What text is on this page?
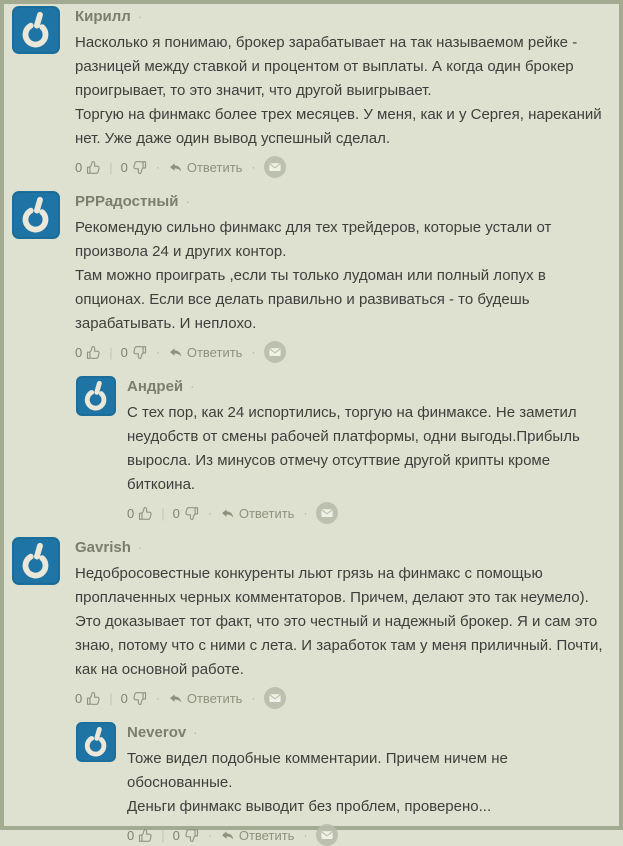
Кирилл ·
Насколько я понимаю, брокер зарабатывает на так называемом рейке - разницей между ставкой и процентом от выплаты. А когда один брокер проигрывает, то это значит, что другой выигрывает.
Торгую на финмакс более трех месяцев. У меня, как и у Сергея, нареканий нет. Уже даже один вывод успешный сделал.
0 | 0 · Ответить ·
PPРадостный ·
Рекомендую сильно финмакс для тех трейдеров, которые устали от произвола 24 и других контор.
Там можно проиграть ,если ты только лудоман или полный лопух в опционах. Если все делать правильно и развиваться - то будешь зарабатывать. И неплохо.
0 | 0 · Ответить ·
Андрей ·
С тех пор, как 24 испортились, торгую на финмаксе. Не заметил неудобств от смены рабочей платформы, одни выгоды.Прибыль выросла. Из минусов отмечу отсуттвие другой крипты кроме биткоина.
0 | 0 · Ответить ·
Gavrish ·
Недобросовестные конкуренты льют грязь на финмакс с помощью проплаченных черных комментаторов. Причем, делают это так неумело). Это доказывает тот факт, что это честный и надежный брокер. Я и сам это знаю, потому что с ними с лета. И заработок там у меня приличный. Почти, как на основной работе.
0 | 0 · Ответить ·
Neverov ·
Тоже видел подобные комментарии. Причем ничем не обоснованные.
Деньги финмакс выводит без проблем, проверено...
0 | 0 · Ответить ·
